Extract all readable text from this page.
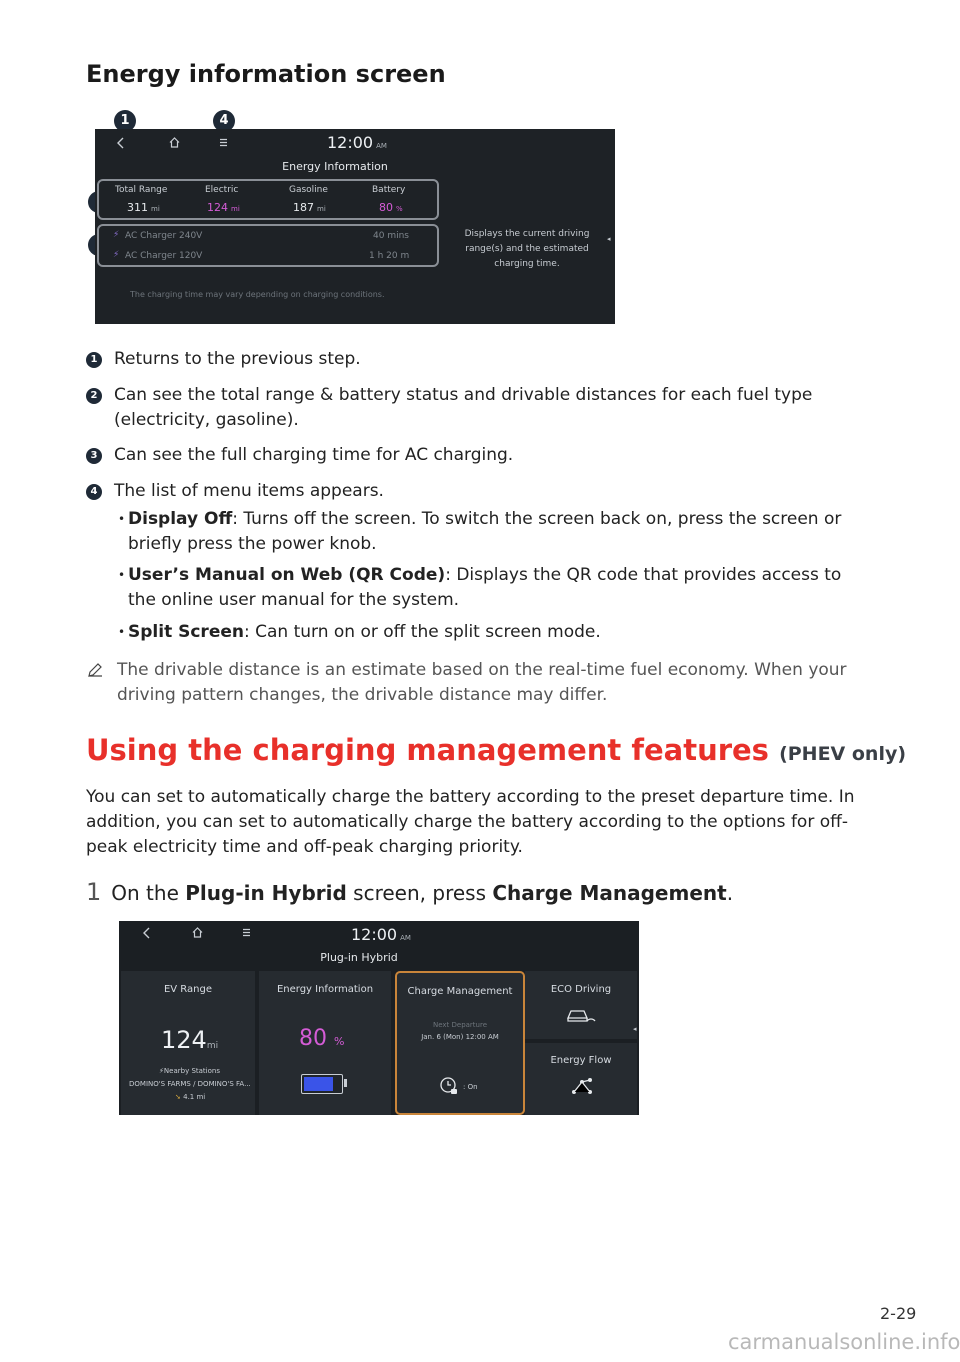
Energy information screen
1	4
12:00 AM
Energy Information
Total Range	Electric	Gasoline	Battery
311 mi	124 mi	187 mi	80 %
⚡ AC Charger 240V	40 mins
⚡ AC Charger 120V	1 h 20 m
The charging time may vary depending on charging conditions.
Displays the current driving range(s) and the estimated charging time.
◂
1 Returns to the previous step.
2 Can see the total range & battery status and drivable distances for each fuel type (electricity, gasoline).
3 Can see the full charging time for AC charging.
4 The list of menu items appears.
• Display Off: Turns off the screen. To switch the screen back on, press the screen or briefly press the power knob.
• User’s Manual on Web (QR Code): Displays the QR code that provides access to the online user manual for the system.
• Split Screen: Can turn on or off the split screen mode.
The drivable distance is an estimate based on the real-time fuel economy. When your driving pattern changes, the drivable distance may differ.
Using the charging management features (PHEV only)
You can set to automatically charge the battery according to the preset departure time. In addition, you can set to automatically charge the battery according to the options for off-peak electricity time and off-peak charging priority.
1 On the Plug-in Hybrid screen, press Charge Management.
12:00 AM
Plug-in Hybrid
EV Range
124mi
⚡Nearby Stations
DOMINO'S FARMS / DOMINO'S FA...
➘ 4.1 mi
Energy Information
80 %
Charge Management
Next Departure
Jan. 6 (Mon) 12:00 AM
: On
ECO Driving
Energy Flow
◂
2-29
carmanualsonline.info
